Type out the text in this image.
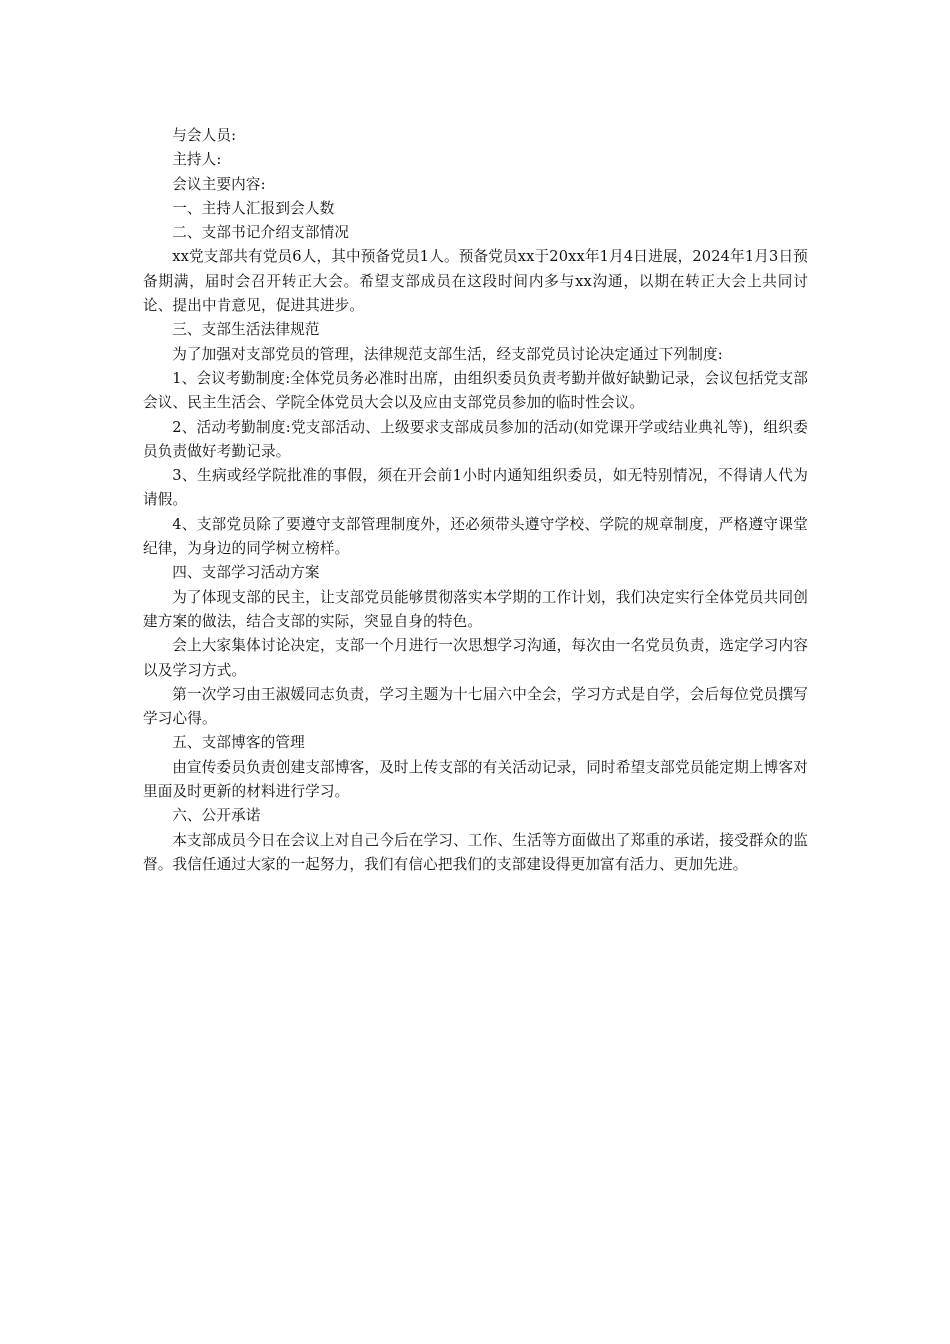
与会人员:

主持人:

会议主要内容:

一、主持人汇报到会人数

二、支部书记介绍支部情况

xx党支部共有党员6人，其中预备党员1人。预备党员xx于20xx年1月4日进展，2024年1月3日预备期满，届时会召开转正大会。希望支部成员在这段时间内多与xx沟通，以期在转正大会上共同讨论、提出中肯意见，促进其进步。

三、支部生活法律规范

为了加强对支部党员的管理，法律规范支部生活，经支部党员讨论决定通过下列制度:

1、会议考勤制度:全体党员务必准时出席，由组织委员负责考勤并做好缺勤记录，会议包括党支部会议、民主生活会、学院全体党员大会以及应由支部党员参加的临时性会议。

2、活动考勤制度:党支部活动、上级要求支部成员参加的活动(如党课开学或结业典礼等)，组织委员负责做好考勤记录。

3、生病或经学院批准的事假，须在开会前1小时内通知组织委员，如无特别情况，不得请人代为请假。

4、支部党员除了要遵守支部管理制度外，还必须带头遵守学校、学院的规章制度，严格遵守课堂纪律，为身边的同学树立榜样。

四、支部学习活动方案

为了体现支部的民主，让支部党员能够贯彻落实本学期的工作计划，我们决定实行全体党员共同创建方案的做法，结合支部的实际，突显自身的特色。

会上大家集体讨论决定，支部一个月进行一次思想学习沟通，每次由一名党员负责，选定学习内容以及学习方式。

第一次学习由王淑媛同志负责，学习主题为十七届六中全会，学习方式是自学，会后每位党员撰写学习心得。

五、支部博客的管理

由宣传委员负责创建支部博客，及时上传支部的有关活动记录，同时希望支部党员能定期上博客对里面及时更新的材料进行学习。

六、公开承诺

本支部成员今日在会议上对自己今后在学习、工作、生活等方面做出了郑重的承诺，接受群众的监督。我信任通过大家的一起努力，我们有信心把我们的支部建设得更加富有活力、更加先进。
